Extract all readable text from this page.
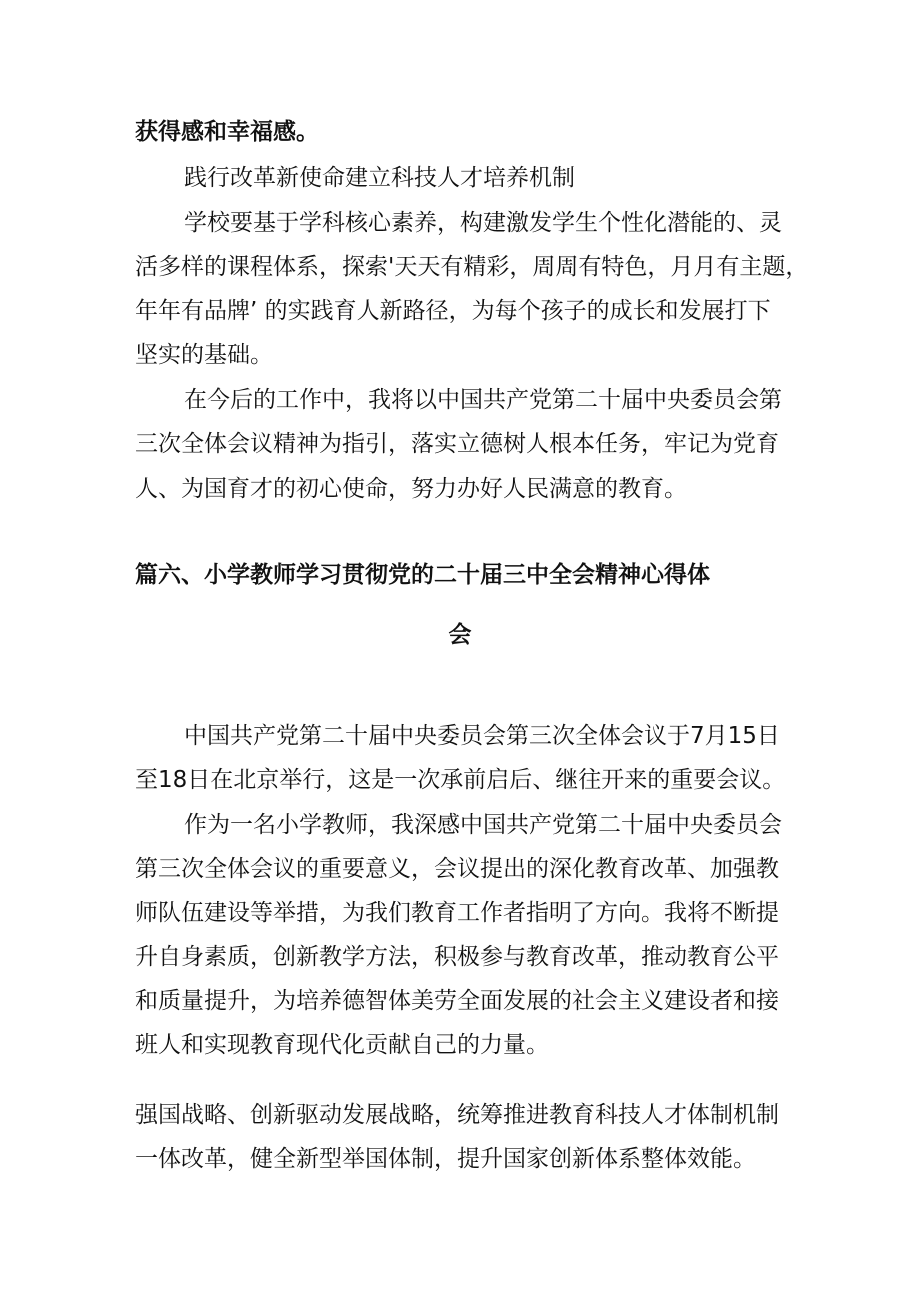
获得感和幸福感。

践行改革新使命建立科技人才培养机制

学校要基于学科核心素养，构建激发学生个性化潜能的、灵

活多样的课程体系，探索'天天有精彩，周周有特色，月月有主题，

年年有品牌’ 的实践育人新路径，为每个孩子的成长和发展打下

坚实的基础。

在今后的工作中，我将以中国共产党第二十届中央委员会第

三次全体会议精神为指引，落实立德树人根本任务，牢记为党育

人、为国育才的初心使命，努力办好人民满意的教育。

篇六、小学教师学习贯彻党的二十届三中全会精神心得体

会

中国共产党第二十届中央委员会第三次全体会议于7月15日

至18日在北京举行，这是一次承前启后、继往开来的重要会议。

作为一名小学教师，我深感中国共产党第二十届中央委员会

第三次全体会议的重要意义，会议提出的深化教育改革、加强教

师队伍建设等举措，为我们教育工作者指明了方向。我将不断提

升自身素质，创新教学方法，积极参与教育改革，推动教育公平

和质量提升，为培养德智体美劳全面发展的社会主义建设者和接

班人和实现教育现代化贡献自己的力量。

强国战略、创新驱动发展战略，统筹推进教育科技人才体制机制

一体改革，健全新型举国体制，提升国家创新体系整体效能。
